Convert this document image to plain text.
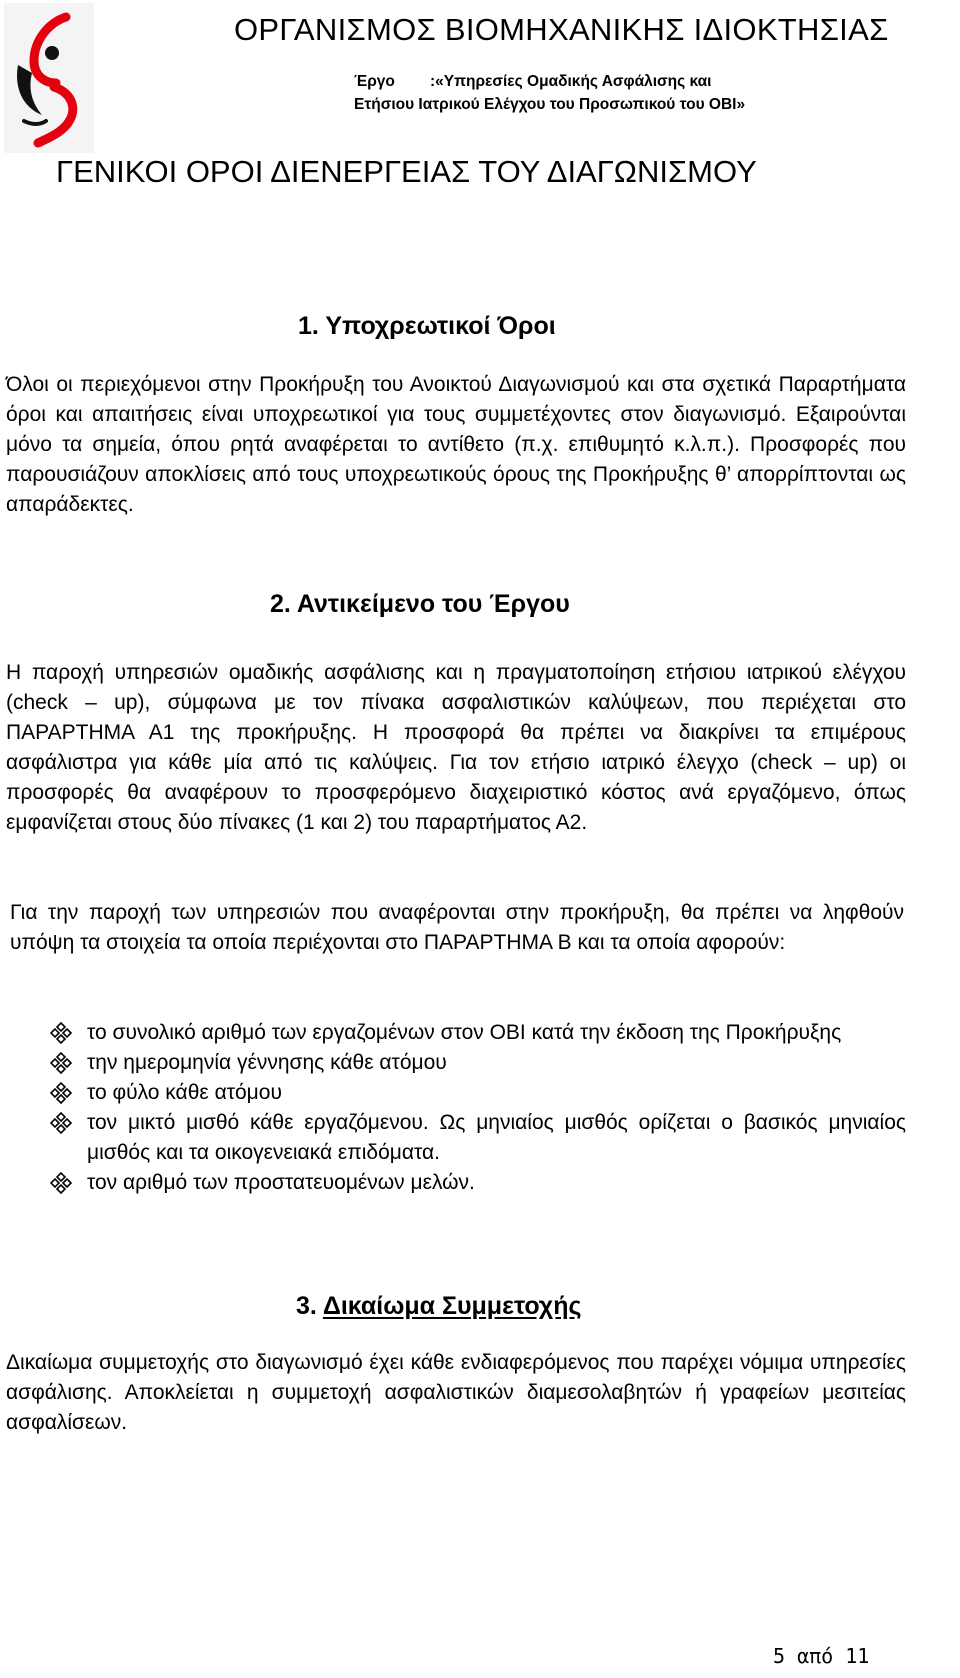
ΟΡΓΑΝΙΣΜΟΣ ΒΙΟΜΗΧΑΝΙΚΗΣ ΙΔΙΟΚΤΗΣΙΑΣ
Έργο :«Υπηρεσίες Ομαδικής Ασφάλισης και
Ετήσιου Ιατρικού Ελέγχου του Προσωπικού του ΟΒΙ»
ΓΕΝΙΚΟΙ ΟΡΟΙ ΔΙΕΝΕΡΓΕΙΑΣ ΤΟΥ ΔΙΑΓΩΝΙΣΜΟΥ
1. Υποχρεωτικοί Όροι
Όλοι οι περιεχόμενοι στην Προκήρυξη του Ανοικτού Διαγωνισμού και στα σχετικά Παραρτήματα όροι και απαιτήσεις είναι υποχρεωτικοί για τους συμμετέχοντες στον διαγωνισμό. Εξαιρούνται μόνο τα σημεία, όπου ρητά αναφέρεται το αντίθετο (π.χ. επιθυμητό κ.λ.π.). Προσφορές που παρουσιάζουν αποκλίσεις από τους υποχρεωτικούς όρους της Προκήρυξης θ’ απορρίπτονται ως απαράδεκτες.
2. Αντικείμενο του Έργου
Η παροχή υπηρεσιών ομαδικής ασφάλισης και η πραγματοποίηση ετήσιου ιατρικού ελέγχου (check – up), σύμφωνα με τον πίνακα ασφαλιστικών καλύψεων, που περιέχεται στο ΠΑΡΑΡΤΗΜΑ Α1 της προκήρυξης. Η προσφορά θα πρέπει να διακρίνει τα επιμέρους ασφάλιστρα για κάθε μία από τις καλύψεις. Για τον ετήσιο ιατρικό έλεγχο (check – up) οι προσφορές θα αναφέρουν το προσφερόμενο διαχειριστικό κόστος ανά εργαζόμενο, όπως εμφανίζεται στους δύο πίνακες (1 και 2) του παραρτήματος Α2.
Για την παροχή των υπηρεσιών που αναφέρονται στην προκήρυξη, θα πρέπει να ληφθούν υπόψη τα στοιχεία τα οποία περιέχονται στο ΠΑΡΑΡΤΗΜΑ Β και τα οποία αφορούν:
το συνολικό αριθμό των εργαζομένων στον ΟΒΙ κατά την έκδοση της Προκήρυξης
την ημερομηνία γέννησης κάθε ατόμου
το φύλο κάθε ατόμου
τον μικτό μισθό κάθε εργαζόμενου. Ως μηνιαίος μισθός ορίζεται ο βασικός μηνιαίος μισθός και τα οικογενειακά επιδόματα.
τον αριθμό των προστατευομένων μελών.
3. Δικαίωμα Συμμετοχής
Δικαίωμα συμμετοχής στο διαγωνισμό έχει κάθε ενδιαφερόμενος που παρέχει νόμιμα υπηρεσίες ασφάλισης. Αποκλείεται η συμμετοχή ασφαλιστικών διαμεσολαβητών ή γραφείων μεσιτείας ασφαλίσεων.
5 από 11
